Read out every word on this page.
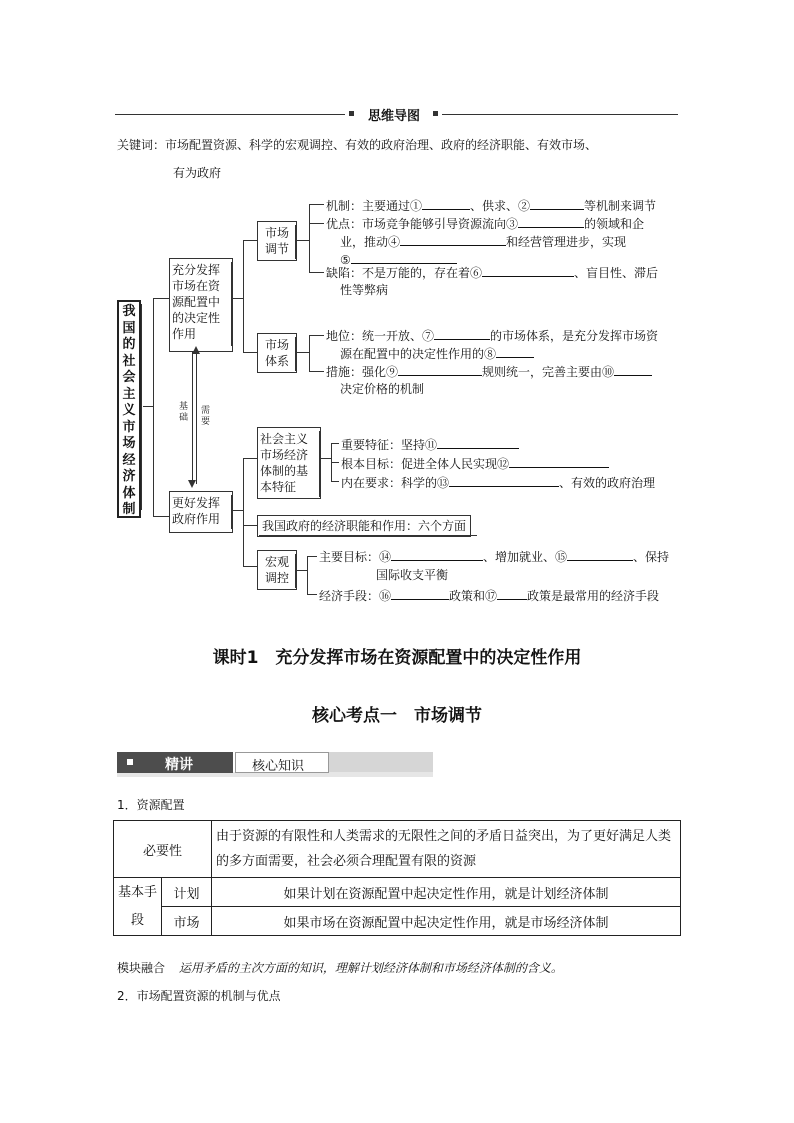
思维导图
关键词：市场配置资源、科学的宏观调控、有效的政府治理、政府的经济职能、有效市场、
有为政府
我国的社会主义市场经济体制
充分发挥市场在资源配置中的决定性作用
更好发挥政府作用
基础
需要
市场调节
机制：主要通过①	、供求、②	等机制来调节
优点：市场竞争能够引导资源流向③	的领域和企
业，推动④	和经营管理进步，实现
⑤
缺陷：不是万能的，存在着⑥	、盲目性、滞后
性等弊病
市场体系
地位：统一开放、⑦	的市场体系，是充分发挥市场资
源在配置中的决定性作用的⑧
措施：强化⑨	规则统一，完善主要由⑩
决定价格的机制
社会主义市场经济体制的基本特征
重要特征：坚持⑪
根本目标：促进全体人民实现⑫
内在要求：科学的⑬	、有效的政府治理
我国政府的经济职能和作用：六个方面
宏观调控
主要目标：⑭	、增加就业、⑮	、保持
国际收支平衡
经济手段：⑯	政策和⑰	政策是最常用的经济手段
课时1　充分发挥市场在资源配置中的决定性作用
核心考点一　市场调节
精讲	核心知识
1．资源配置
必要性		由于资源的有限性和人类需求的无限性之间的矛盾日益突出，为了更好满足人类的多方面需要，社会必须合理配置有限的资源
基本手段	计划	如果计划在资源配置中起决定性作用，就是计划经济体制
	市场	如果市场在资源配置中起决定性作用，就是市场经济体制
模块融合 运用矛盾的主次方面的知识，理解计划经济体制和市场经济体制的含义。
2．市场配置资源的机制与优点
